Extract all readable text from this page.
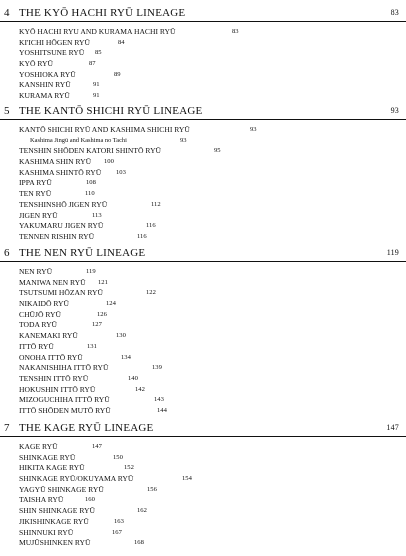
4 THE KYŌ HACHI RYŪ LINEAGE	83
KYŌ HACHI RYU AND KURAMA HACHI RYŪ	83
KI'ICHI HŌGEN RYŪ	84
YOSHITSUNE RYŪ 85
KYŌ RYŪ	87
YOSHIOKA RYŪ	89
KANSHIN RYŪ	91
KURAMA RYŪ	91
5 THE KANTŌ SHICHI RYŪ LINEAGE	93
KANTŌ SHICHI RYŪ AND KASHIMA SHICHI RYŪ	93
Kashima Jingū and Kashima no Tachi	93
TENSHIN SHŌDEN KATORI SHINTŌ RYŪ	95
KASHIMA SHIN RYŪ 100
KASHIMA SHINTŌ RYŪ 103
IPPA RYŪ	108
TEN RYŪ	110
TENSHINSHŌ JIGEN RYŪ	112
JIGEN RYŪ	113
YAKUMARU JIGEN RYŪ	116
TENNEN RISHIN RYŪ	116
6 THE NEN RYŪ LINEAGE	119
NEN RYŪ	119
MANIWA NEN RYŪ 121
TSUTSUMI HŌZAN RYŪ	122
NIKAIDŌ RYŪ	124
CHŪJŌ RYŪ	126
TODA RYŪ	127
KANEMAKI RYŪ	130
ITTŌ RYŪ	131
ONOHA ITTŌ RYŪ	134
NAKANISHIHA ITTŌ RYŪ	139
TENSHIN ITTŌ RYŪ	140
HOKUSHIN ITTŌ RYŪ	142
MIZOGUCHIHA ITTŌ RYŪ	143
ITTŌ SHŌDEN MUTŌ RYŪ	144
7 THE KAGE RYŪ LINEAGE	147
KAGE RYŪ	147
SHINKAGE RYŪ	150
HIKITA KAGE RYŪ	152
SHINKAGE RYŪ/OKUYAMA RYŪ	154
YAGYŪ SHINKAGE RYŪ	156
TAISHA RYŪ	160
SHIN SHINKAGE RYŪ	162
JIKISHINKAGE RYŪ	163
SHINNUKI RYŪ	167
MUJŪSHINKEN RYŪ	168
